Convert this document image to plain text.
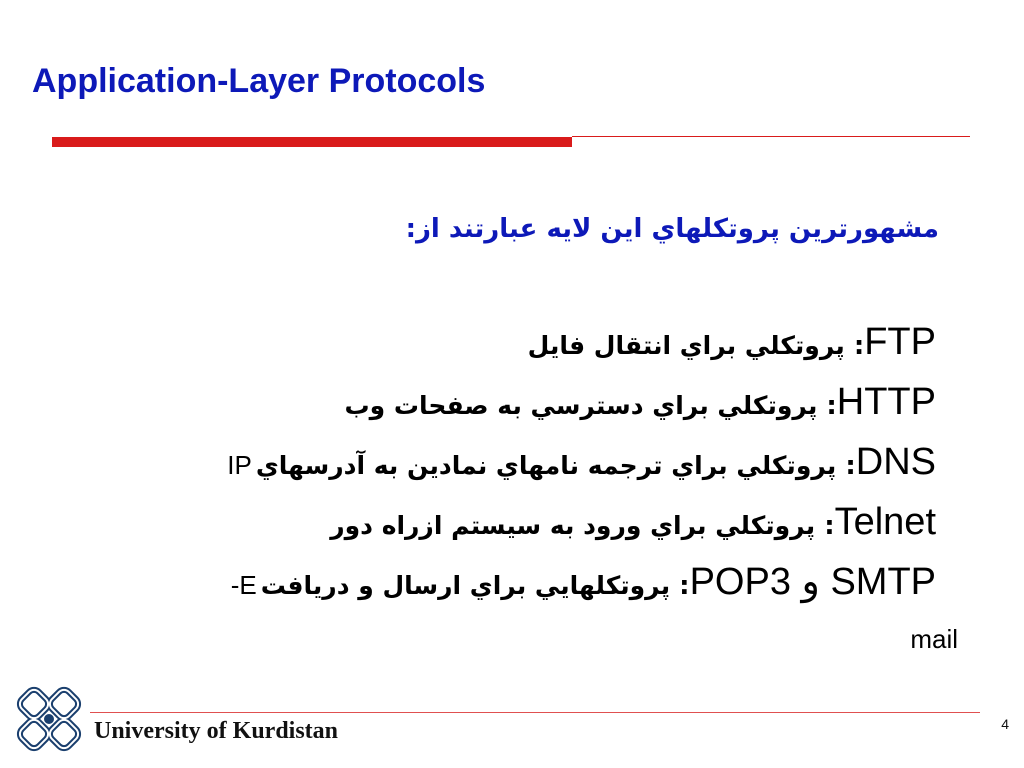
Application-Layer Protocols
مشهورترين پروتكلهاي اين لايه عبارتند از:
FTP: پروتكلي براي انتقال فايل
HTTP: پروتكلي براي دسترسي به صفحات وب
DNS: پروتكلي براي ترجمه نامهاي نمادين به آدرسهاي IP
Telnet: پروتكلي براي ورود به سيستم ازراه دور
SMTP و POP3: پروتكلهايي براي ارسال و دريافت E-
mail
University of Kurdistan	4
